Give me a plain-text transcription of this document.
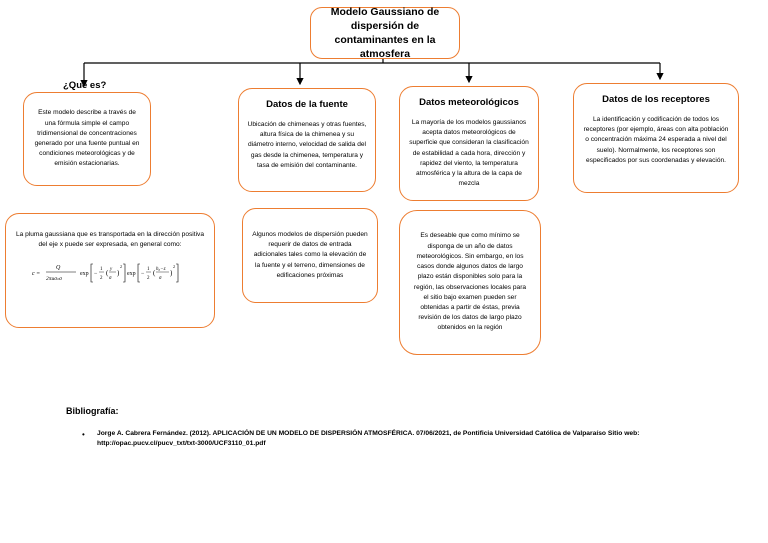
Modelo Gaussiano de dispersión de contaminantes en la atmosfera
¿Que es?
Este modelo describe a través de una fórmula simple el campo tridimensional de concentraciones generado por una fuente puntual en condiciones meteorológicas y de emisión estacionarias.
La pluma gaussiana que es transportada en la dirección positiva del eje x puede ser expresada, en general como:
c =
Q
2πuσₙσ
exp −
1
2
( y
σ
)
2
exp −
1
2
( h₀−z
σ
)
2
Datos de la fuente
Ubicación de chimeneas y otras fuentes, altura física de la chimenea y su diámetro interno, velocidad de salida del gas desde la chimenea, temperatura y tasa de emisión del contaminante.
Algunos modelos de dispersión pueden requerir de datos de entrada adicionales tales como la elevación de la fuente y el terreno, dimensiones de edificaciones próximas
Datos meteorológicos
La mayoría de los modelos gaussianos acepta datos meteorológicos de superficie que consideran la clasificación de estabilidad a cada hora, dirección y rapidez del viento, la temperatura atmosférica y la altura de la capa de mezcla
Es deseable que como mínimo se disponga de un año de datos meteorológicos. Sin embargo, en los casos donde algunos datos de largo plazo están disponibles solo para la región, las observaciones locales para el sitio bajo examen pueden ser obtenidas a partir de éstas, previa revisión de los datos de largo plazo obtenidos en la región
Datos de los receptores
La identificación y codificación de todos los receptores (por ejemplo, áreas con alta población o concentración máxima 24 esperada a nivel del suelo). Normalmente, los receptores son especificados por sus coordenadas y elevación.
Bibliografía:
• Jorge A. Cabrera Fernández. (2012). APLICACIÓN DE UN MODELO DE DISPERSIÓN ATMOSFÉRICA. 07/06/2021, de Pontificia Universidad Católica de Valparaíso Sitio web: http://opac.pucv.cl/pucv_txt/txt-3000/UCF3110_01.pdf
